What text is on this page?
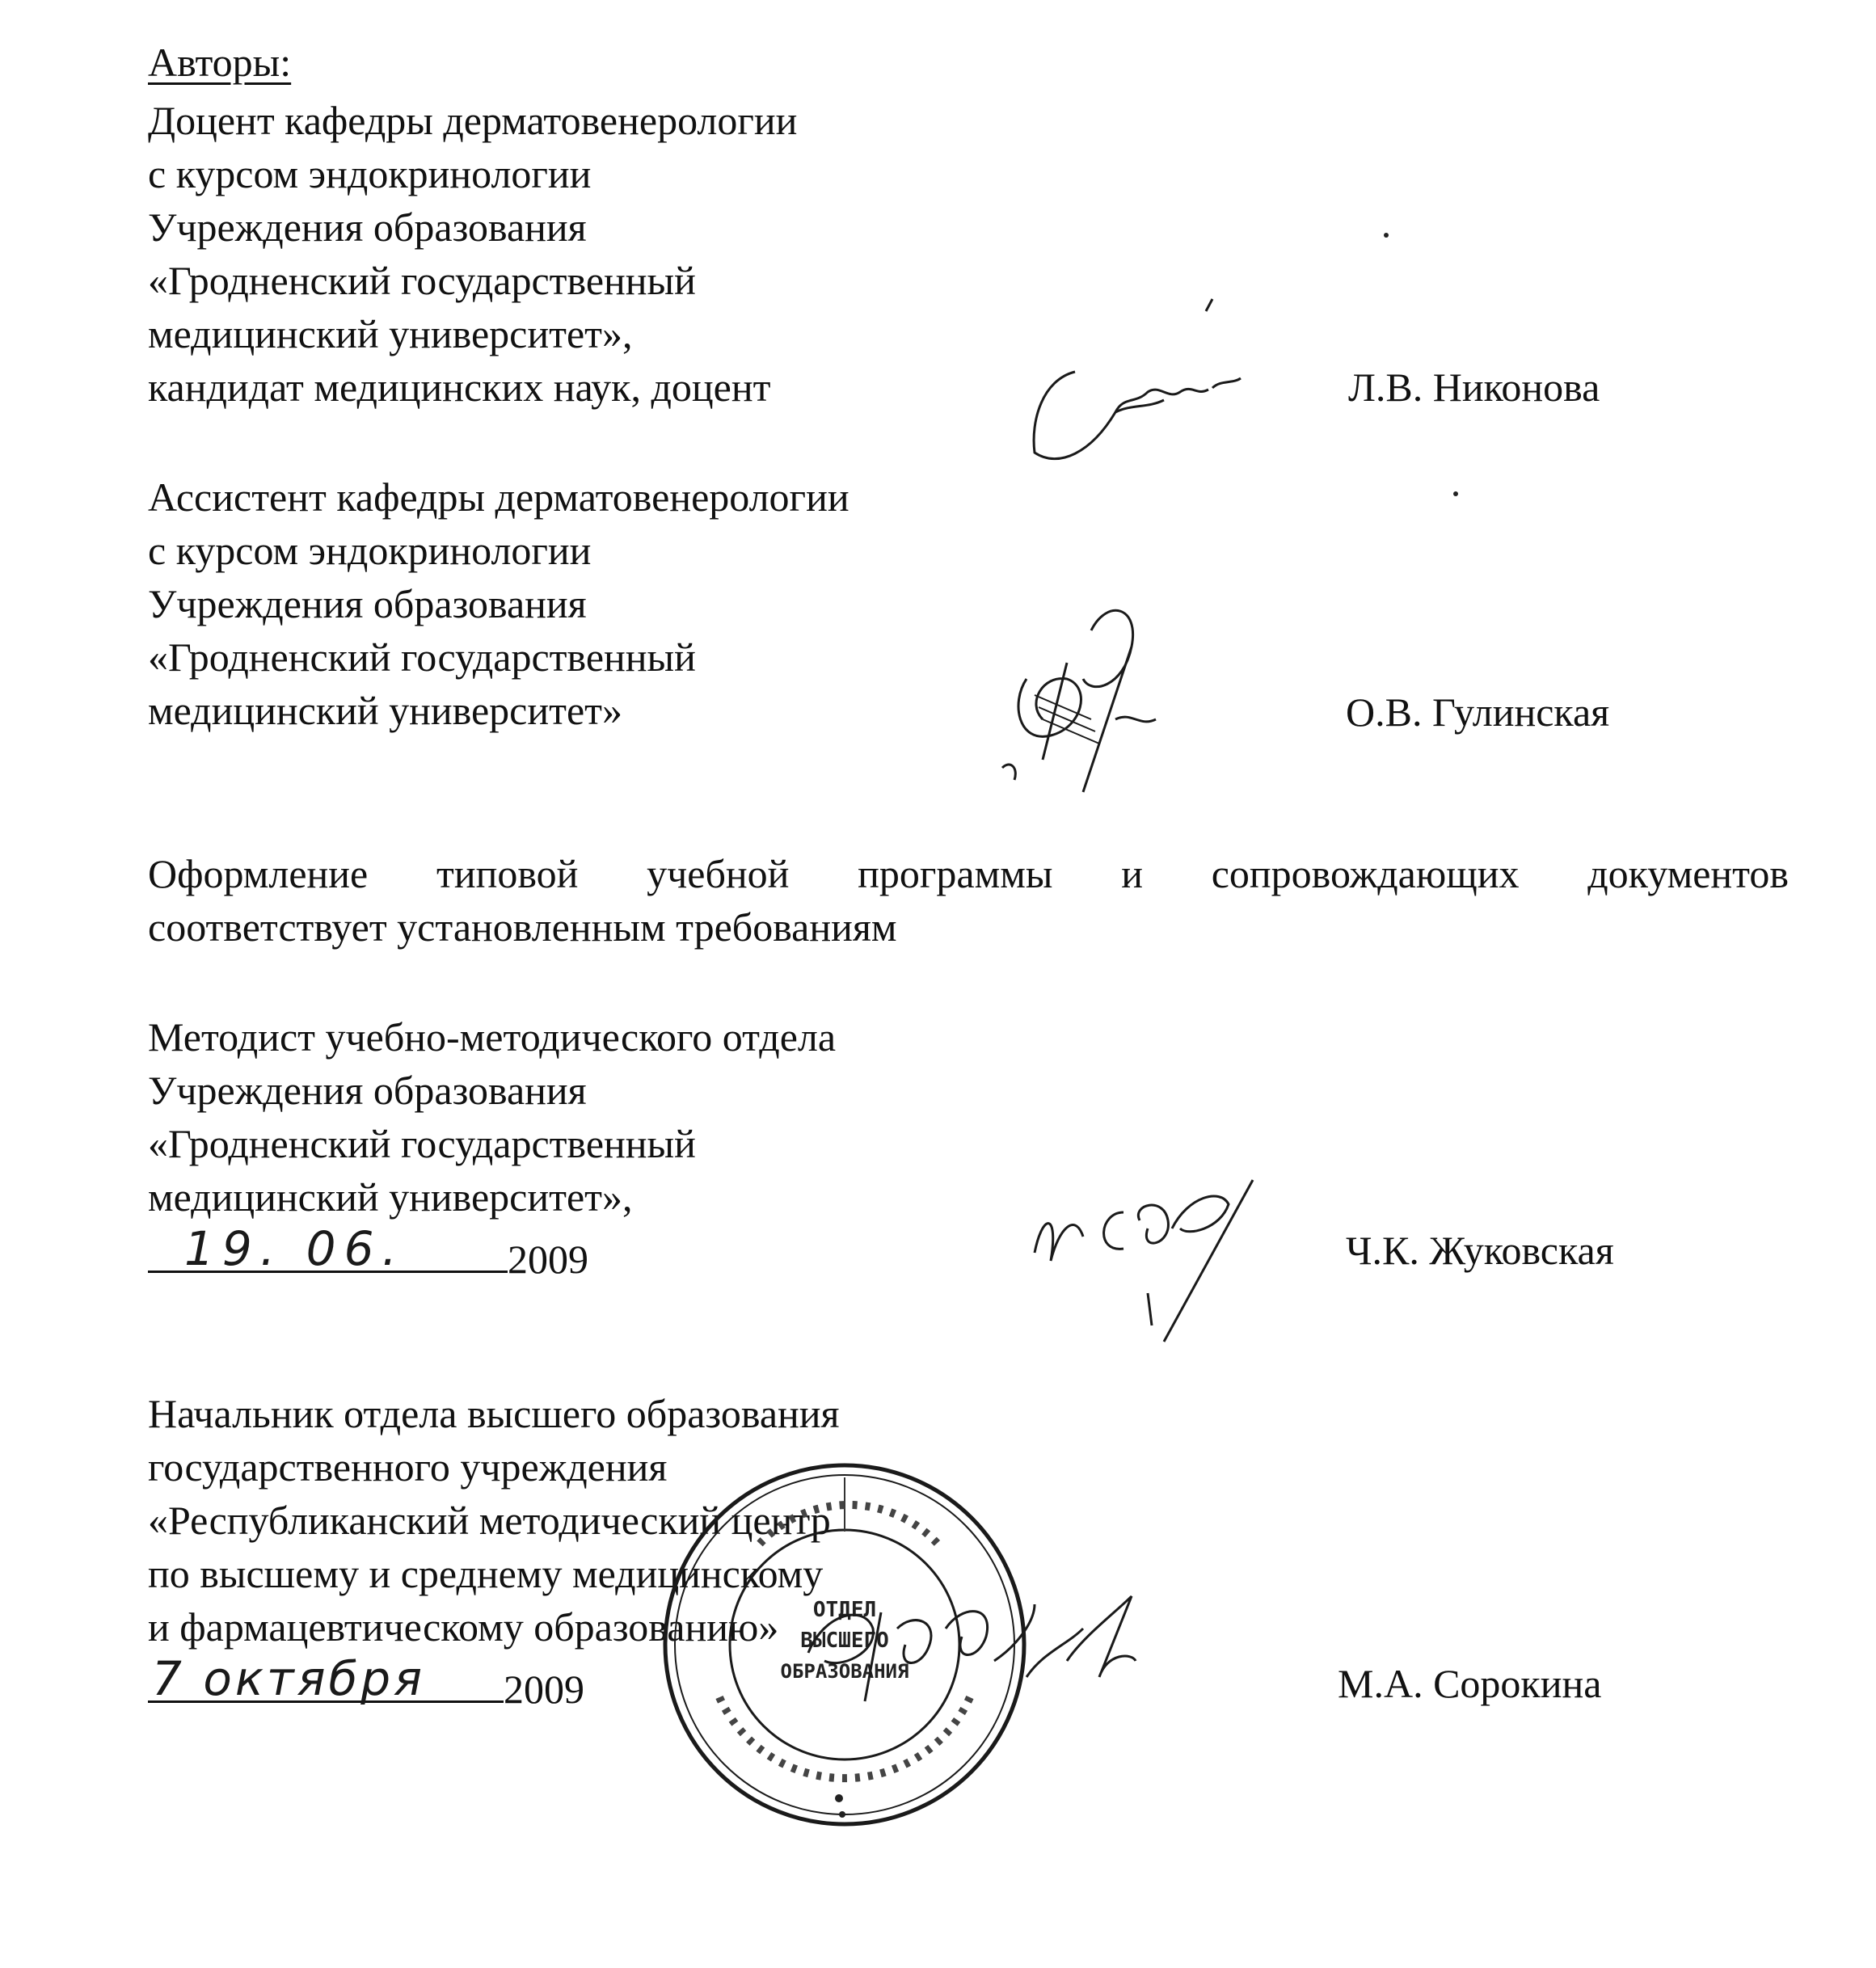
Авторы:
Доцент кафедры дерматовенерологии
с курсом эндокринологии
Учреждения образования
«Гродненский государственный
медицинский университет»,
кандидат медицинских наук, доцент	Л.В. Никонова
Ассистент кафедры дерматовенерологии
с курсом эндокринологии
Учреждения образования
«Гродненский государственный
медицинский университет»	О.В. Гулинская
Оформление типовой учебной программы и сопровождающих документов
соответствует установленным требованиям
Методист учебно-методического отдела
Учреждения образования
«Гродненский государственный
медицинский университет»,
19. 06.	2009	Ч.К. Жуковская
Начальник отдела высшего образования
государственного учреждения
«Республиканский методический центр
по высшему и среднему медицинскому
и фармацевтическому образованию»
7 октября 2009	М.А. Сорокина
ОТДЕЛ
ВЫСШЕГО
ОБРАЗОВАНИЯ
